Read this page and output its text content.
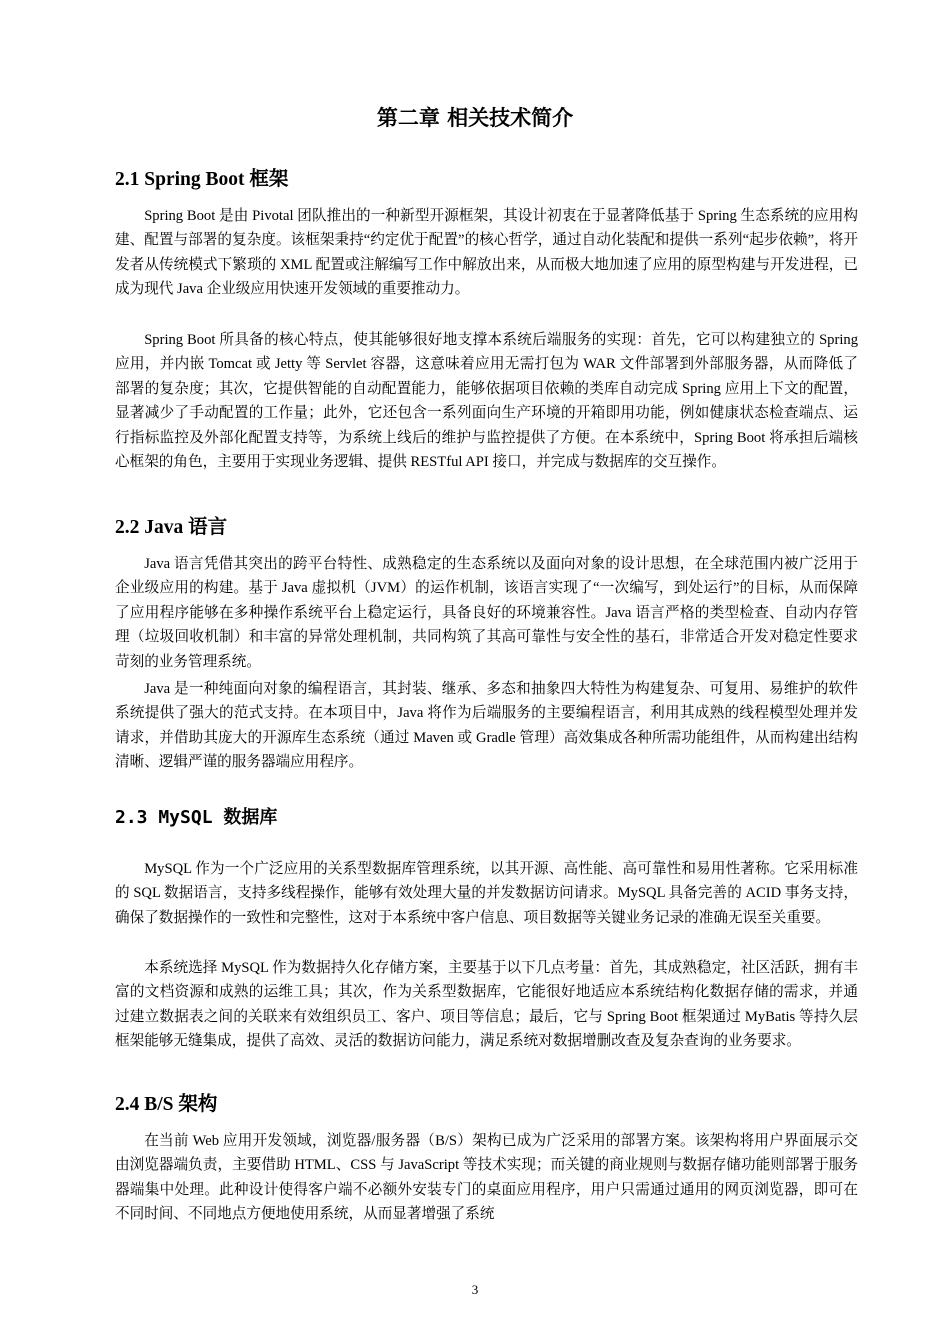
第二章 相关技术简介
2.1 Spring Boot 框架

Spring Boot 是由 Pivotal 团队推出的一种新型开源框架，其设计初衷在于显著降低基于 Spring 生态系统的应用构建、配置与部署的复杂度。该框架秉持“约定优于配置”的核心哲学，通过自动化装配和提供一系列“起步依赖”，将开发者从传统模式下繁琐的 XML 配置或注解编写工作中解放出来，从而极大地加速了应用的原型构建与开发进程，已成为现代 Java 企业级应用快速开发领域的重要推动力。

Spring Boot 所具备的核心特点，使其能够很好地支撑本系统后端服务的实现：首先，它可以构建独立的 Spring 应用，并内嵌 Tomcat 或 Jetty 等 Servlet 容器，这意味着应用无需打包为 WAR 文件部署到外部服务器，从而降低了部署的复杂度；其次，它提供智能的自动配置能力，能够依据项目依赖的类库自动完成 Spring 应用上下文的配置，显著减少了手动配置的工作量；此外，它还包含一系列面向生产环境的开箱即用功能，例如健康状态检查端点、运行指标监控及外部化配置支持等，为系统上线后的维护与监控提供了方便。在本系统中，Spring Boot 将承担后端核心框架的角色，主要用于实现业务逻辑、提供 RESTful API 接口，并完成与数据库的交互操作。

2.2 Java 语言

Java 语言凭借其突出的跨平台特性、成熟稳定的生态系统以及面向对象的设计思想，在全球范围内被广泛用于企业级应用的构建。基于 Java 虚拟机（JVM）的运作机制，该语言实现了“一次编写，到处运行”的目标，从而保障了应用程序能够在多种操作系统平台上稳定运行，具备良好的环境兼容性。Java 语言严格的类型检查、自动内存管理（垃圾回收机制）和丰富的异常处理机制，共同构筑了其高可靠性与安全性的基石，非常适合开发对稳定性要求苛刻的业务管理系统。

Java 是一种纯面向对象的编程语言，其封装、继承、多态和抽象四大特性为构建复杂、可复用、易维护的软件系统提供了强大的范式支持。在本项目中，Java 将作为后端服务的主要编程语言，利用其成熟的线程模型处理并发请求，并借助其庞大的开源库生态系统（通过 Maven 或 Gradle 管理）高效集成各种所需功能组件，从而构建出结构清晰、逻辑严谨的服务器端应用程序。

2.3 MySQL 数据库

MySQL 作为一个广泛应用的关系型数据库管理系统，以其开源、高性能、高可靠性和易用性著称。它采用标准的 SQL 数据语言，支持多线程操作，能够有效处理大量的并发数据访问请求。MySQL 具备完善的 ACID 事务支持，确保了数据操作的一致性和完整性，这对于本系统中客户信息、项目数据等关键业务记录的准确无误至关重要。

本系统选择 MySQL 作为数据持久化存储方案，主要基于以下几点考量：首先，其成熟稳定，社区活跃，拥有丰富的文档资源和成熟的运维工具；其次，作为关系型数据库，它能很好地适应本系统结构化数据存储的需求，并通过建立数据表之间的关联来有效组织员工、客户、项目等信息；最后，它与 Spring Boot 框架通过 MyBatis 等持久层框架能够无缝集成，提供了高效、灵活的数据访问能力，满足系统对数据增删改查及复杂查询的业务要求。

2.4 B/S 架构

在当前 Web 应用开发领域，浏览器/服务器（B/S）架构已成为广泛采用的部署方案。该架构将用户界面展示交由浏览器端负责，主要借助 HTML、CSS 与 JavaScript 等技术实现；而关键的商业规则与数据存储功能则部署于服务器端集中处理。此种设计使得客户端不必额外安装专门的桌面应用程序，用户只需通过通用的网页浏览器，即可在不同时间、不同地点方便地使用系统，从而显著增强了系统

3
